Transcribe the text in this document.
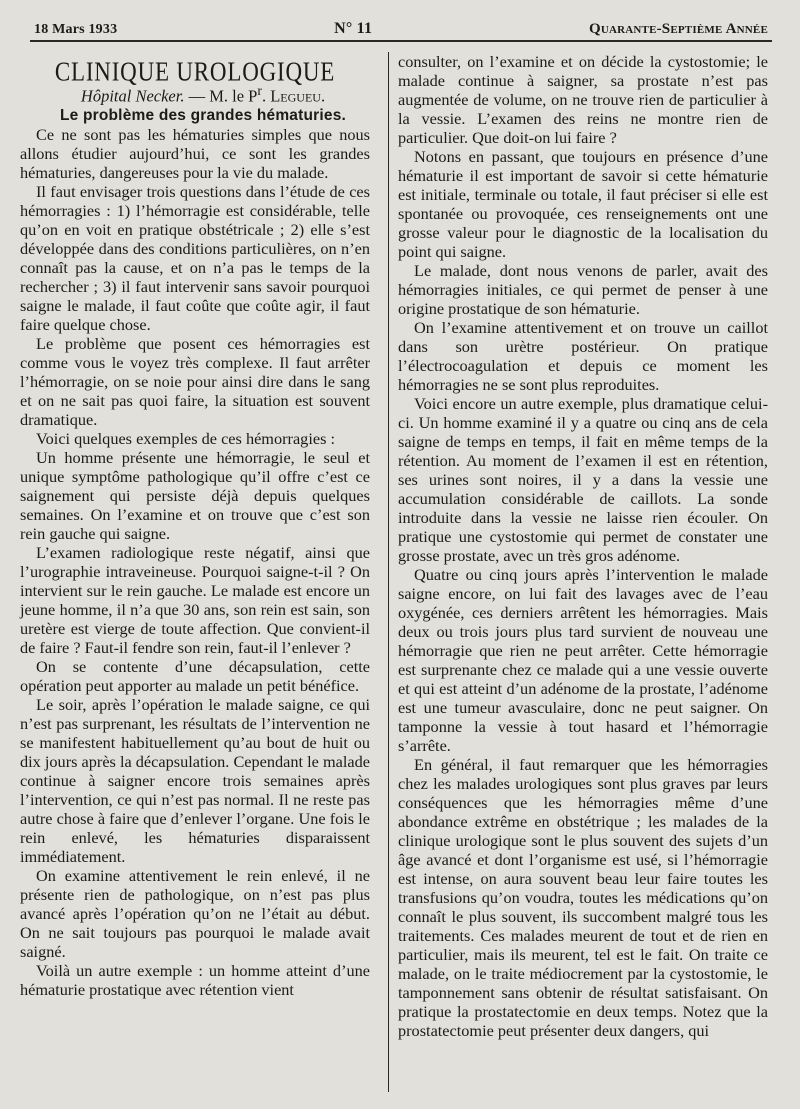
18 Mars 1933	N° 11	Quarante-Septième Année
CLINIQUE UROLOGIQUE

Hôpital Necker. — M. le $P^r$. Legueu.

Le problème des grandes hématuries.

Ce ne sont pas les hématuries simples que nous allons étudier aujourd’hui, ce sont les grandes hématuries, dangereuses pour la vie du malade.

Il faut envisager trois questions dans l’étude de ces hémorragies : 1) l’hémorragie est considérable, telle qu’on en voit en pratique obstétricale ; 2) elle s’est développée dans des conditions particulières, on n’en connaît pas la cause, et on n’a pas le temps de la rechercher ; 3) il faut intervenir sans savoir pourquoi saigne le malade, il faut coûte que coûte agir, il faut faire quelque chose.

Le problème que posent ces hémorragies est comme vous le voyez très complexe. Il faut arrêter l’hémorragie, on se noie pour ainsi dire dans le sang et on ne sait pas quoi faire, la situation est souvent dramatique.

Voici quelques exemples de ces hémorragies :

Un homme présente une hémorragie, le seul et unique symptôme pathologique qu’il offre c’est ce saignement qui persiste déjà depuis quelques semaines. On l’examine et on trouve que c’est son rein gauche qui saigne.

L’examen radiologique reste négatif, ainsi que l’urographie intraveineuse. Pourquoi saigne-t-il ? On intervient sur le rein gauche. Le malade est encore un jeune homme, il n’a que 30 ans, son rein est sain, son uretère est vierge de toute affection. Que convient-il de faire ? Faut-il fendre son rein, faut-il l’enlever ?

On se contente d’une décapsulation, cette opération peut apporter au malade un petit bénéfice.

Le soir, après l’opération le malade saigne, ce qui n’est pas surprenant, les résultats de l’intervention ne se manifestent habituellement qu’au bout de huit ou dix jours après la décapsulation. Cependant le malade continue à saigner encore trois semaines après l’intervention, ce qui n’est pas normal. Il ne reste pas autre chose à faire que d’enlever l’organe. Une fois le rein enlevé, les hématuries disparaissent immédiatement.

On examine attentivement le rein enlevé, il ne présente rien de pathologique, on n’est pas plus avancé après l’opération qu’on ne l’était au début. On ne sait toujours pas pourquoi le malade avait saigné.

Voilà un autre exemple : un homme atteint d’une hématurie prostatique avec rétention vient

consulter, on l’examine et on décide la cystostomie; le malade continue à saigner, sa prostate n’est pas augmentée de volume, on ne trouve rien de particulier à la vessie. L’examen des reins ne montre rien de particulier. Que doit-on lui faire ?

Notons en passant, que toujours en présence d’une hématurie il est important de savoir si cette hématurie est initiale, terminale ou totale, il faut préciser si elle est spontanée ou provoquée, ces renseignements ont une grosse valeur pour le diagnostic de la localisation du point qui saigne.

Le malade, dont nous venons de parler, avait des hémorragies initiales, ce qui permet de penser à une origine prostatique de son hématurie.

On l’examine attentivement et on trouve un caillot dans son urètre postérieur. On pratique l’électrocoagulation et depuis ce moment les hémorragies ne se sont plus reproduites.

Voici encore un autre exemple, plus dramatique celui-ci. Un homme examiné il y a quatre ou cinq ans de cela saigne de temps en temps, il fait en même temps de la rétention. Au moment de l’examen il est en rétention, ses urines sont noires, il y a dans la vessie une accumulation considérable de caillots. La sonde introduite dans la vessie ne laisse rien écouler. On pratique une cystostomie qui permet de constater une grosse prostate, avec un très gros adénome.

Quatre ou cinq jours après l’intervention le malade saigne encore, on lui fait des lavages avec de l’eau oxygénée, ces derniers arrêtent les hémorragies. Mais deux ou trois jours plus tard survient de nouveau une hémorragie que rien ne peut arrêter. Cette hémorragie est surprenante chez ce malade qui a une vessie ouverte et qui est atteint d’un adénome de la prostate, l’adénome est une tumeur avasculaire, donc ne peut saigner. On tamponne la vessie à tout hasard et l’hémorragie s’arrête.

En général, il faut remarquer que les hémorragies chez les malades urologiques sont plus graves par leurs conséquences que les hémorragies même d’une abondance extrême en obstétrique ; les malades de la clinique urologique sont le plus souvent des sujets d’un âge avancé et dont l’organisme est usé, si l’hémorragie est intense, on aura souvent beau leur faire toutes les transfusions qu’on voudra, toutes les médications qu’on connaît le plus souvent, ils succombent malgré tous les traitements. Ces malades meurent de tout et de rien en particulier, mais ils meurent, tel est le fait. On traite ce malade, on le traite médiocrement par la cystostomie, le tamponnement sans obtenir de résultat satisfaisant. On pratique la prostatectomie en deux temps. Notez que la prostatectomie peut présenter deux dangers, qui
